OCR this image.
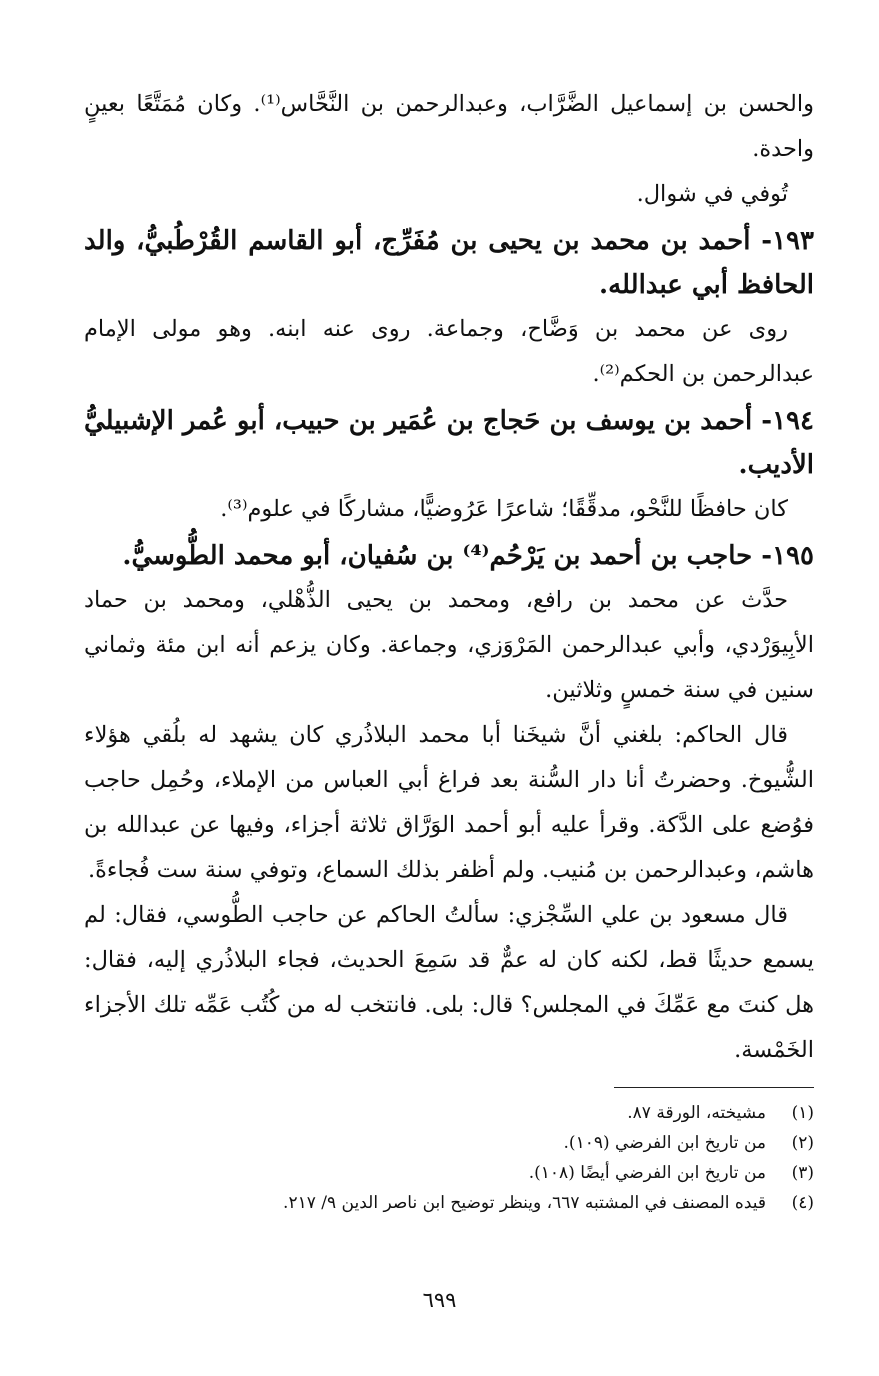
والحسن بن إسماعيل الضَّرَّاب، وعبدالرحمن بن النَّحَّاس⁽¹⁾. وكان مُمَتَّعًا بعينٍ واحدة.

تُوفي في شوال.

١٩٣- أحمد بن محمد بن يحيى بن مُفَرِّج، أبو القاسم القُرْطُبيُّ، والد الحافظ أبي عبدالله.

روى عن محمد بن وَضَّاح، وجماعة. روى عنه ابنه. وهو مولى الإمام عبدالرحمن بن الحكم⁽²⁾.

١٩٤- أحمد بن يوسف بن حَجاج بن عُمَير بن حبيب، أبو عُمر الإشبيليُّ الأديب.

كان حافظًا للنَّحْو، مدقِّقًا؛ شاعرًا عَرُوضيًّا، مشاركًا في علوم⁽³⁾.

١٩٥- حاجب بن أحمد بن يَرْحُم⁽⁴⁾ بن سُفيان، أبو محمد الطُّوسيُّ.

حدَّث عن محمد بن رافع، ومحمد بن يحيى الذُّهْلي، ومحمد بن حماد الأبِيوَرْدي، وأبي عبدالرحمن المَرْوَزي، وجماعة. وكان يزعم أنه ابن مئة وثماني سنين في سنة خمسٍ وثلاثين.

قال الحاكم: بلغني أنَّ شيخَنا أبا محمد البلاذُري كان يشهد له بلُقي هؤلاء الشُّيوخ. وحضرتُ أنا دار السُّنة بعد فراغ أبي العباس من الإملاء، وحُمِل حاجب فوُضع على الدَّكة. وقرأ عليه أبو أحمد الوَرَّاق ثلاثة أجزاء، وفيها عن عبدالله بن هاشم، وعبدالرحمن بن مُنيب. ولم أظفر بذلك السماع، وتوفي سنة ست فُجاءةً.

قال مسعود بن علي السِّجْزي: سألتُ الحاكم عن حاجب الطُّوسي، فقال: لم يسمع حديثًا قط، لكنه كان له عمٌّ قد سَمِعَ الحديث، فجاء البلاذُري إليه، فقال: هل كنتَ مع عَمِّكَ في المجلس؟ قال: بلى. فانتخب له من كُتُب عَمِّه تلك الأجزاء الخَمْسة.

(١)
مشيخته، الورقة ٨٧.
(٢)
من تاريخ ابن الفرضي (١٠٩).
(٣)
من تاريخ ابن الفرضي أيضًا (١٠٨).
(٤)
قيده المصنف في المشتبه ٦٦٧، وينظر توضيح ابن ناصر الدين ٩/ ٢١٧.
٦٩٩
